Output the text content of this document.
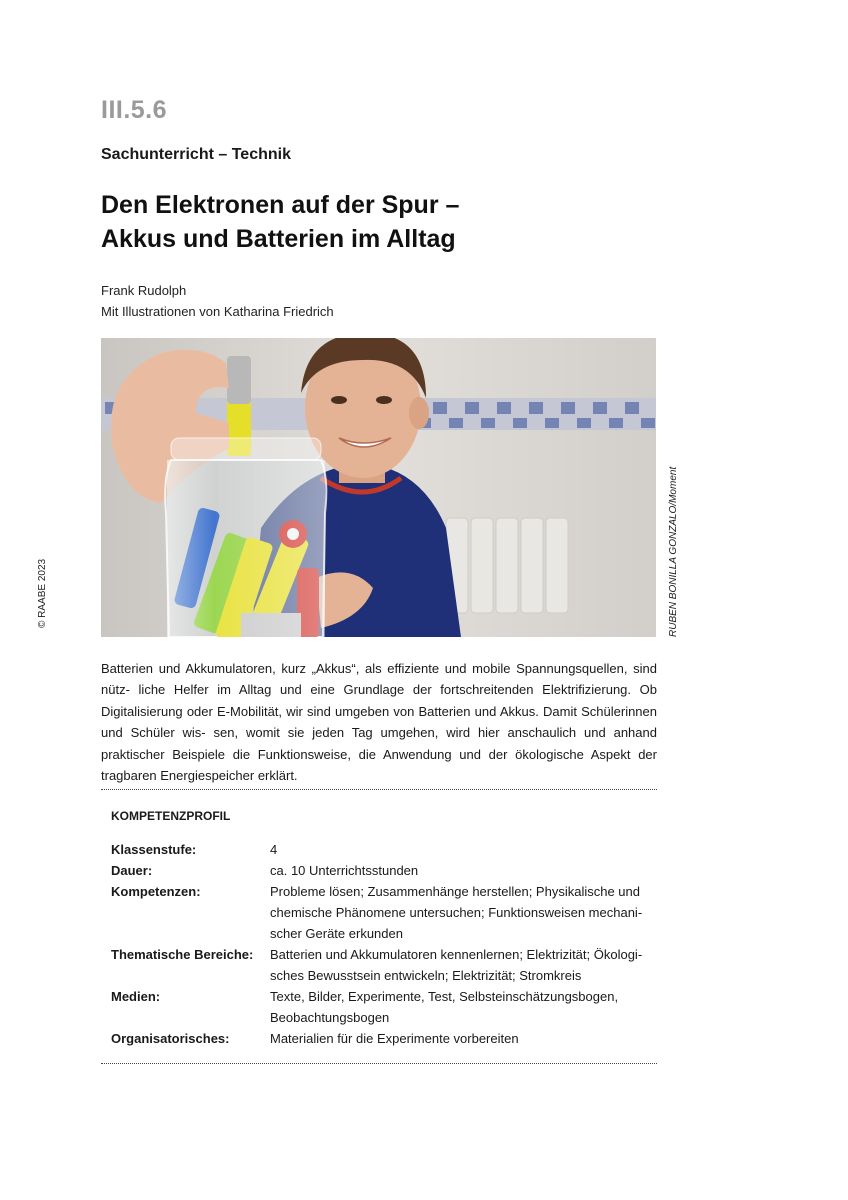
III.5.6
Sachunterricht – Technik
Den Elektronen auf der Spur –
Akkus und Batterien im Alltag
Frank Rudolph
Mit Illustrationen von Katharina Friedrich
RUBEN BONILLA GONZALO/Moment
© RAABE 2023
Batterien und Akkumulatoren, kurz „Akkus“, als effiziente und mobile Spannungsquellen, sind nütz- liche Helfer im Alltag und eine Grundlage der fortschreitenden Elektrifizierung. Ob Digitalisierung oder E-Mobilität, wir sind umgeben von Batterien und Akkus. Damit Schülerinnen und Schüler wis- sen, womit sie jeden Tag umgehen, wird hier anschaulich und anhand praktischer Beispiele die Funktionsweise, die Anwendung und der ökologische Aspekt der tragbaren Energiespeicher erklärt.
KOMPETENZPROFIL
Klassenstufe:	4

Dauer:	ca. 10 Unterrichtsstunden

Kompetenzen:	Probleme lösen; Zusammenhänge herstellen; Physikalische und
chemische Phänomene untersuchen; Funktionsweisen mechani-
scher Geräte erkunden

Thematische Bereiche:	Batterien und Akkumulatoren kennenlernen; Elektrizität; Ökologi-
sches Bewusstsein entwickeln; Elektrizität; Stromkreis

Medien:	Texte, Bilder, Experimente, Test, Selbsteinschätzungsbogen,
Beobachtungsbogen

Organisatorisches:	Materialien für die Experimente vorbereiten
